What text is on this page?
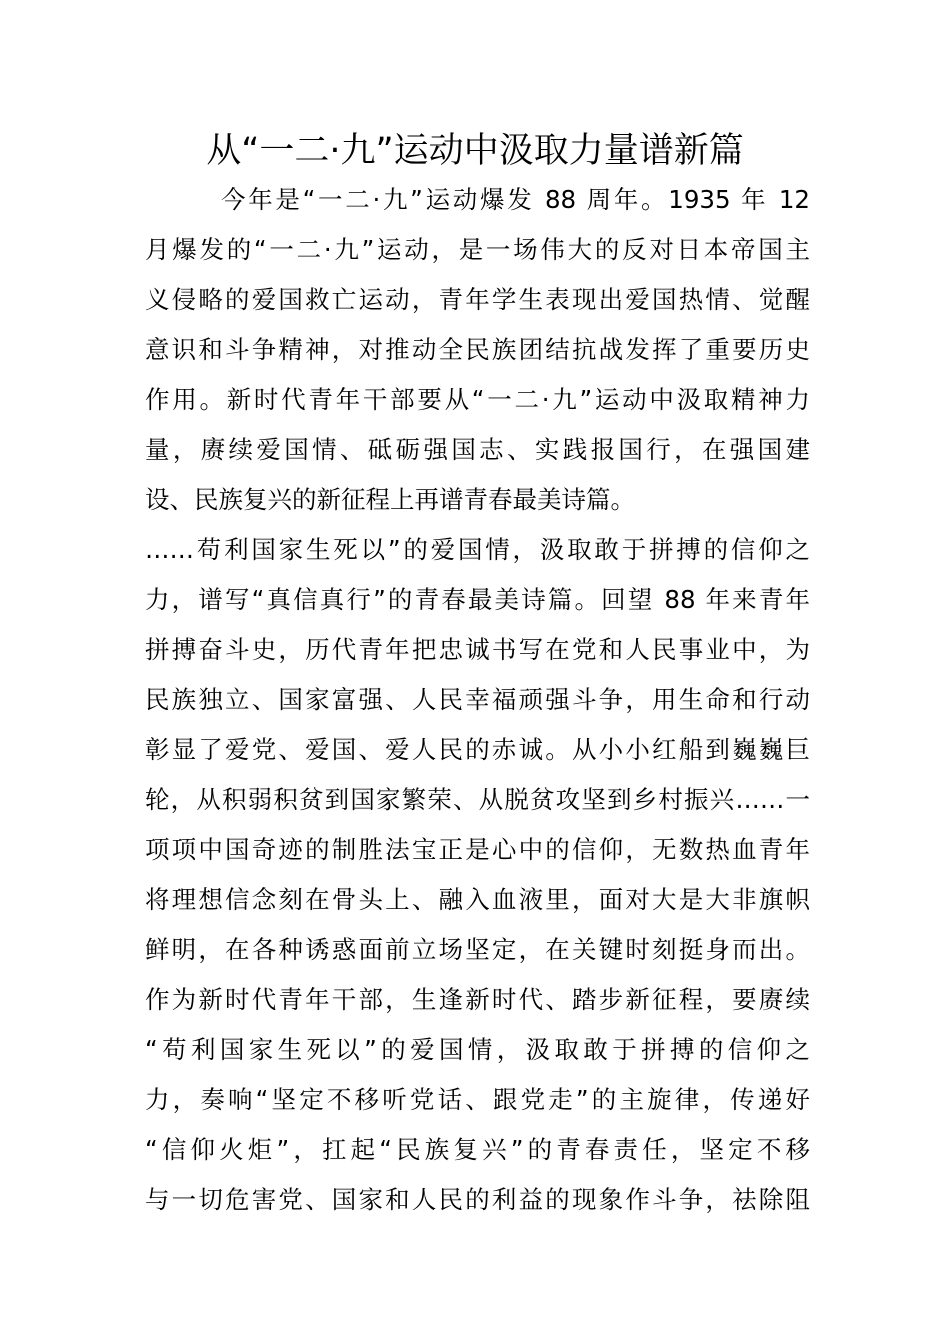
从“一二·九”运动中汲取力量谱新篇
今年是“一二·九”运动爆发 88 周年。1935 年 12
月爆发的“一二·九”运动，是一场伟大的反对日本帝国主
义侵略的爱国救亡运动，青年学生表现出爱国热情、觉醒
意识和斗争精神，对推动全民族团结抗战发挥了重要历史
作用。新时代青年干部要从“一二·九”运动中汲取精神力
量，赓续爱国情、砥砺强国志、实践报国行，在强国建
设、民族复兴的新征程上再谱青春最美诗篇。
……苟利国家生死以”的爱国情，汲取敢于拼搏的信仰之
力，谱写“真信真行”的青春最美诗篇。回望 88 年来青年
拼搏奋斗史，历代青年把忠诚书写在党和人民事业中，为
民族独立、国家富强、人民幸福顽强斗争，用生命和行动
彰显了爱党、爱国、爱人民的赤诚。从小小红船到巍巍巨
轮，从积弱积贫到国家繁荣、从脱贫攻坚到乡村振兴……一
项项中国奇迹的制胜法宝正是心中的信仰，无数热血青年
将理想信念刻在骨头上、融入血液里，面对大是大非旗帜
鲜明，在各种诱惑面前立场坚定，在关键时刻挺身而出。
作为新时代青年干部，生逢新时代、踏步新征程，要赓续
“苟利国家生死以”的爱国情，汲取敢于拼搏的信仰之
力，奏响“坚定不移听党话、跟党走”的主旋律，传递好
“信仰火炬”，扛起“民族复兴”的青春责任，坚定不移
与一切危害党、国家和人民的利益的现象作斗争，祛除阻
